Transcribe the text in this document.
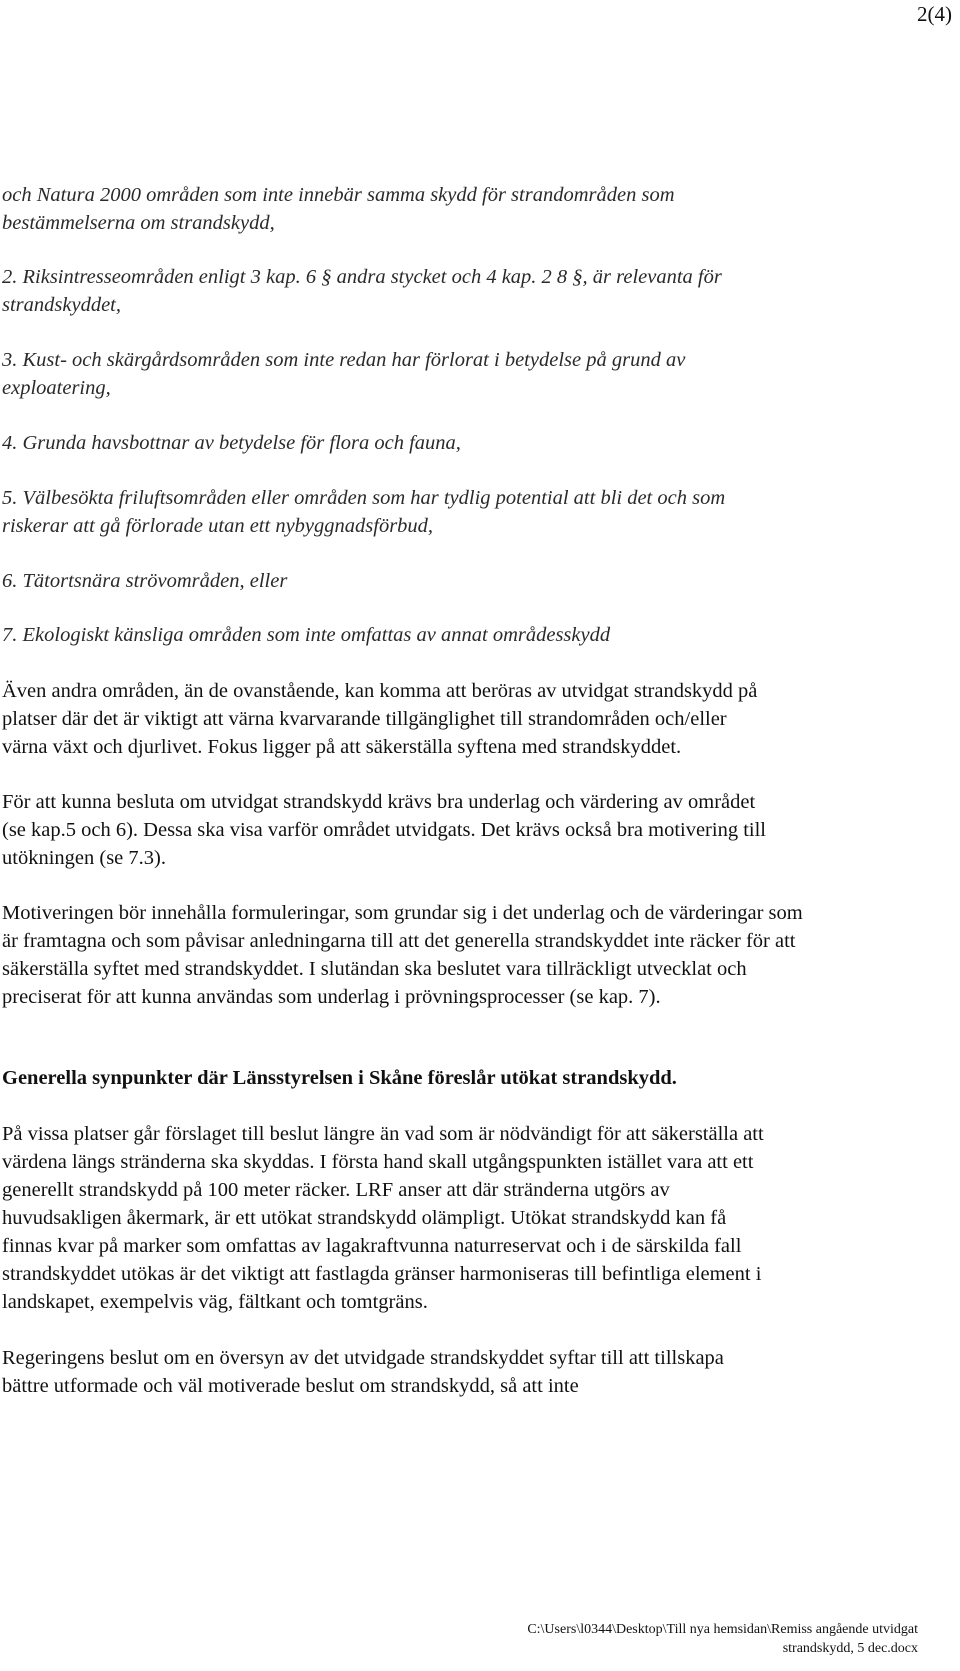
2(4)

och Natura 2000 områden som inte innebär samma skydd för strandområden som bestämmelserna om strandskydd,

2. Riksintresseområden enligt 3 kap. 6 § andra stycket och 4 kap. 2 8 §, är relevanta för strandskyddet,

3. Kust- och skärgårdsområden som inte redan har förlorat i betydelse på grund av exploatering,

4. Grunda havsbottnar av betydelse för flora och fauna,

5. Välbesökta friluftsområden eller områden som har tydlig potential att bli det och som riskerar att gå förlorade utan ett nybyggnadsförbud,

6. Tätortsnära strövområden, eller

7. Ekologiskt känsliga områden som inte omfattas av annat områdesskydd

Även andra områden, än de ovanstående, kan komma att beröras av utvidgat strandskydd på platser där det är viktigt att värna kvarvarande tillgänglighet till strandområden och/eller värna växt och djurlivet. Fokus ligger på att säkerställa syftena med strandskyddet.

För att kunna besluta om utvidgat strandskydd krävs bra underlag och värdering av området (se kap.5 och 6). Dessa ska visa varför området utvidgats. Det krävs också bra motivering till utökningen (se 7.3).

Motiveringen bör innehålla formuleringar, som grundar sig i det underlag och de värderingar som är framtagna och som påvisar anledningarna till att det generella strandskyddet inte räcker för att säkerställa syftet med strandskyddet. I slutändan ska beslutet vara tillräckligt utvecklat och preciserat för att kunna användas som underlag i prövningsprocesser (se kap. 7).

Generella synpunkter där Länsstyrelsen i Skåne föreslår utökat strandskydd.

På vissa platser går förslaget till beslut längre än vad som är nödvändigt för att säkerställa att värdena längs stränderna ska skyddas. I första hand skall utgångspunkten istället vara att ett generellt strandskydd på 100 meter räcker. LRF anser att där stränderna utgörs av huvudsakligen åkermark, är ett utökat strandskydd olämpligt. Utökat strandskydd kan få finnas kvar på marker som omfattas av lagakraftvunna naturreservat och i de särskilda fall strandskyddet utökas är det viktigt att fastlagda gränser harmoniseras till befintliga element i landskapet, exempelvis väg, fältkant och tomtgräns.

Regeringens beslut om en översyn av det utvidgade strandskyddet syftar till att tillskapa bättre utformade och väl motiverade beslut om strandskydd, så att inte

C:\Users\l0344\Desktop\Till nya hemsidan\Remiss angående utvidgat strandskydd, 5 dec.docx
